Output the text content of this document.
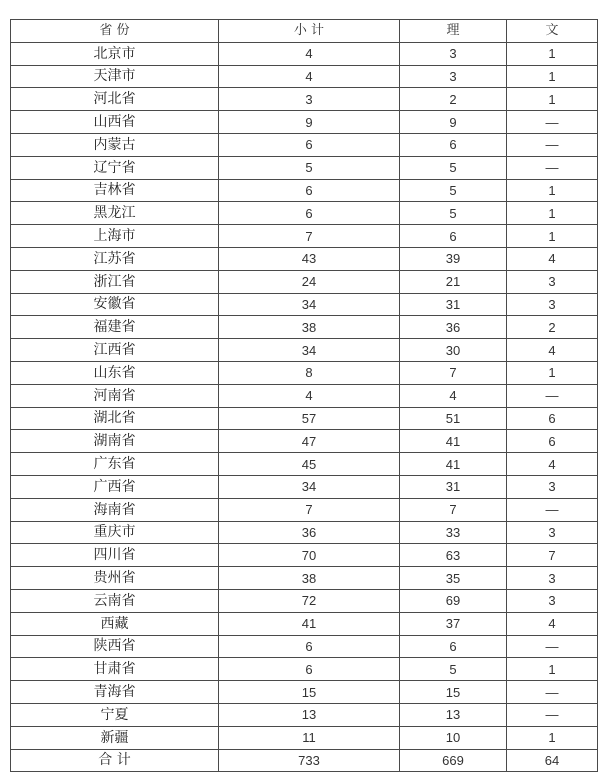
省 份	小 计	理	文
北京市	4	3	1
天津市	4	3	1
河北省	3	2	1
山西省	9	9	—
内蒙古	6	6	—
辽宁省	5	5	—
吉林省	6	5	1
黑龙江	6	5	1
上海市	7	6	1
江苏省	43	39	4
浙江省	24	21	3
安徽省	34	31	3
福建省	38	36	2
江西省	34	30	4
山东省	8	7	1
河南省	4	4	—
湖北省	57	51	6
湖南省	47	41	6
广东省	45	41	4
广西省	34	31	3
海南省	7	7	—
重庆市	36	33	3
四川省	70	63	7
贵州省	38	35	3
云南省	72	69	3
西藏	41	37	4
陕西省	6	6	—
甘肃省	6	5	1
青海省	15	15	—
宁夏	13	13	—
新疆	11	10	1
合 计	733	669	64
